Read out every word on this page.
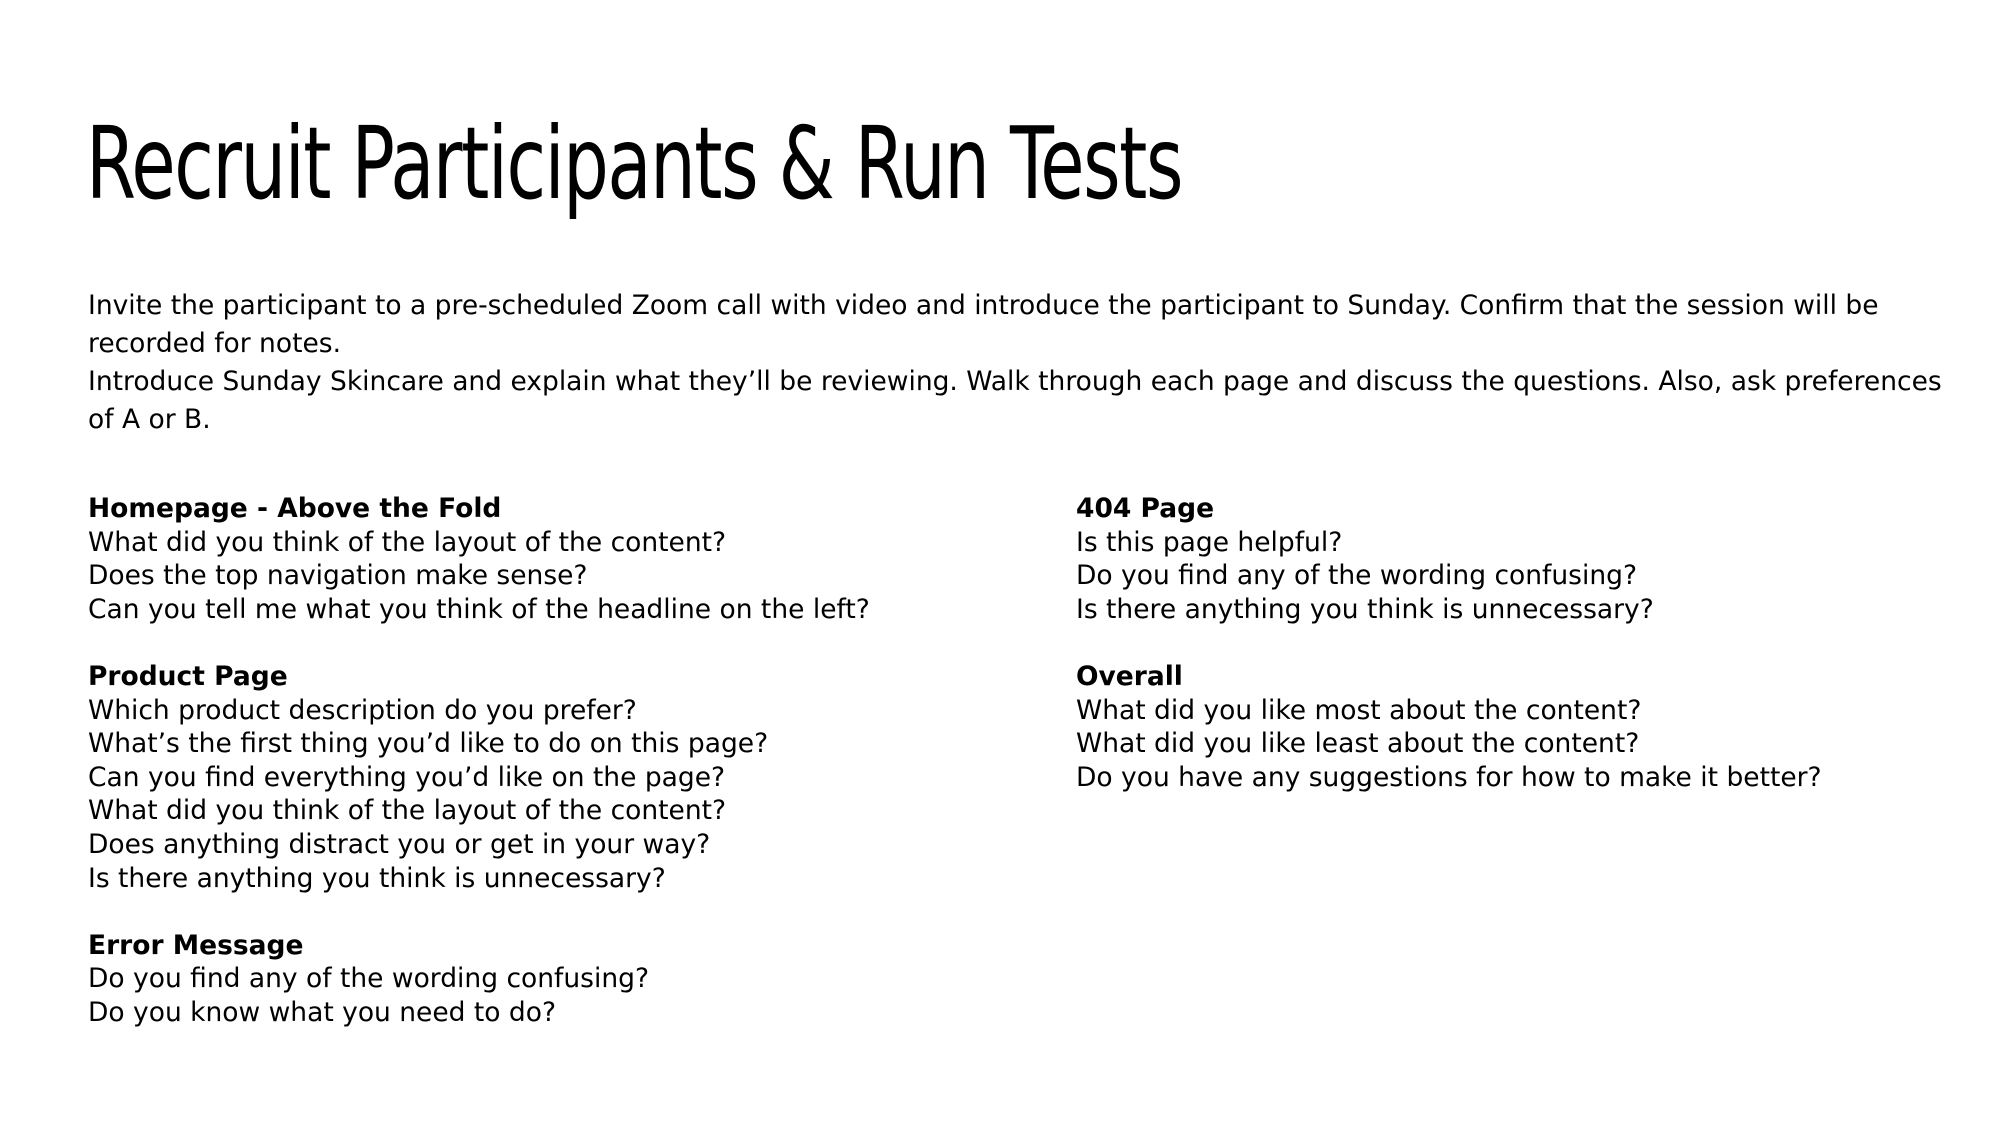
Recruit Participants & Run Tests

Invite the participant to a pre-scheduled Zoom call with video and introduce the participant to Sunday. Confirm that the session will be recorded for notes.

Introduce Sunday Skincare and explain what they’ll be reviewing. Walk through each page and discuss the questions. Also, ask preferences of A or B.

Homepage - Above the Fold

What did you think of the layout of the content?

Does the top navigation make sense?

Can you tell me what you think of the headline on the left?

Product Page

Which product description do you prefer?

What’s the first thing you’d like to do on this page?

Can you find everything you’d like on the page?

What did you think of the layout of the content?

Does anything distract you or get in your way?

Is there anything you think is unnecessary?

Error Message

Do you find any of the wording confusing?

Do you know what you need to do?

404 Page

Is this page helpful?

Do you find any of the wording confusing?

Is there anything you think is unnecessary?

Overall

What did you like most about the content?

What did you like least about the content?

Do you have any suggestions for how to make it better?
